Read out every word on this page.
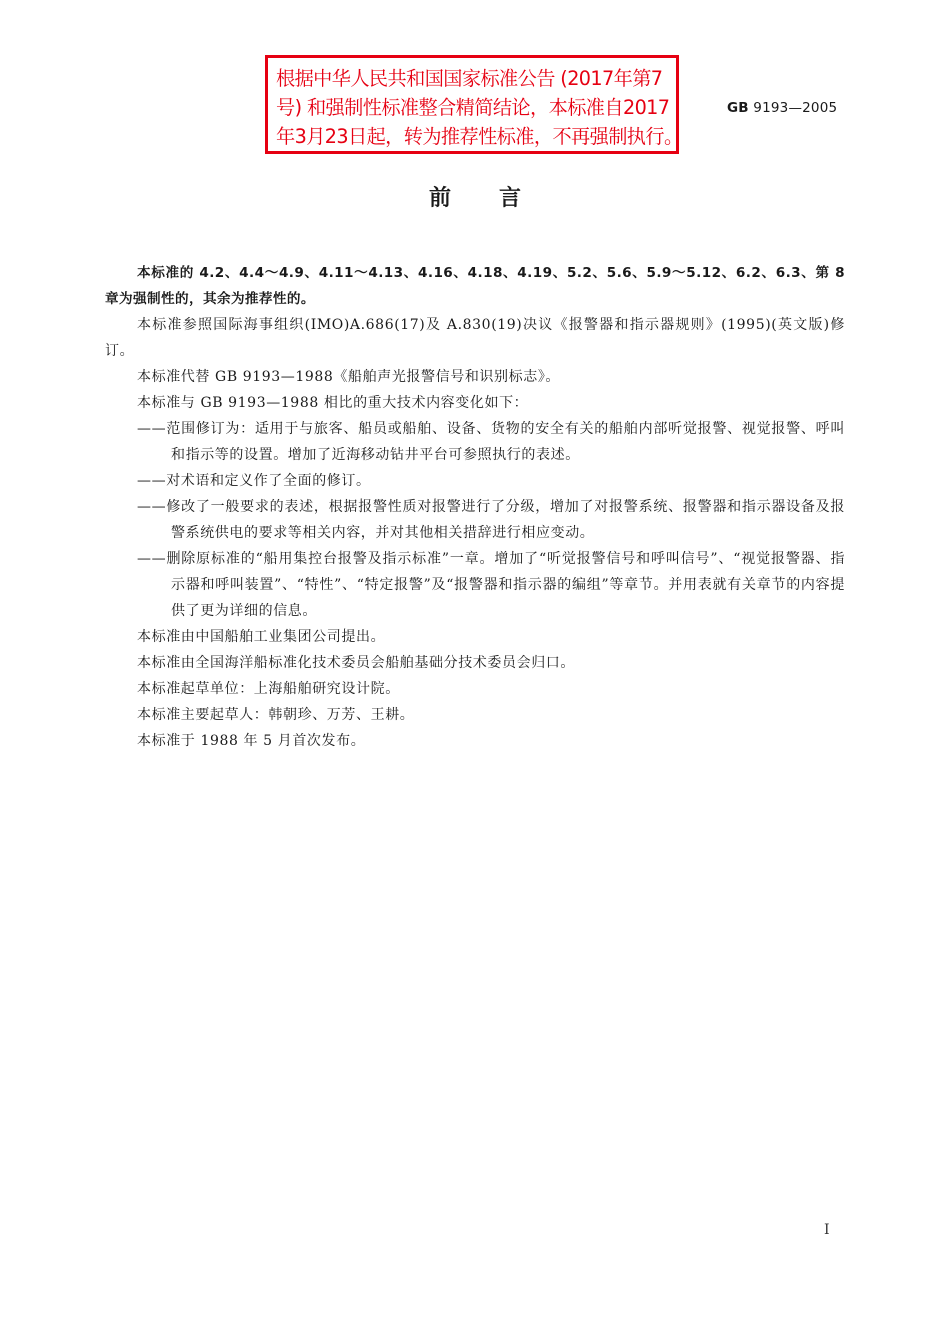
根据中华人民共和国国家标准公告 (2017年第7
号) 和强制性标准整合精简结论，本标准自2017
年3月23日起，转为推荐性标准，不再强制执行。
GB 9193—2005
前言

本标准的 4.2、4.4～4.9、4.11～4.13、4.16、4.18、4.19、5.2、5.6、5.9～5.12、6.2、6.3、第 8 章为强制性的，其余为推荐性的。

本标准参照国际海事组织(IMO)A.686(17)及 A.830(19)决议《报警器和指示器规则》(1995)(英文版)修订。

本标准代替 GB 9193—1988《船舶声光报警信号和识别标志》。

本标准与 GB 9193—1988 相比的重大技术内容变化如下：

——范围修订为：适用于与旅客、船员或船舶、设备、货物的安全有关的船舶内部听觉报警、视觉报警、呼叫和指示等的设置。增加了近海移动钻井平台可参照执行的表述。

——对术语和定义作了全面的修订。

——修改了一般要求的表述，根据报警性质对报警进行了分级，增加了对报警系统、报警器和指示器设备及报警系统供电的要求等相关内容，并对其他相关措辞进行相应变动。

——删除原标准的“船用集控台报警及指示标准”一章。增加了“听觉报警信号和呼叫信号”、“视觉报警器、指示器和呼叫装置”、“特性”、“特定报警”及“报警器和指示器的编组”等章节。并用表就有关章节的内容提供了更为详细的信息。

本标准由中国船舶工业集团公司提出。

本标准由全国海洋船标准化技术委员会船舶基础分技术委员会归口。

本标准起草单位：上海船舶研究设计院。

本标准主要起草人：韩朝珍、万芳、王耕。

本标准于 1988 年 5 月首次发布。

I
